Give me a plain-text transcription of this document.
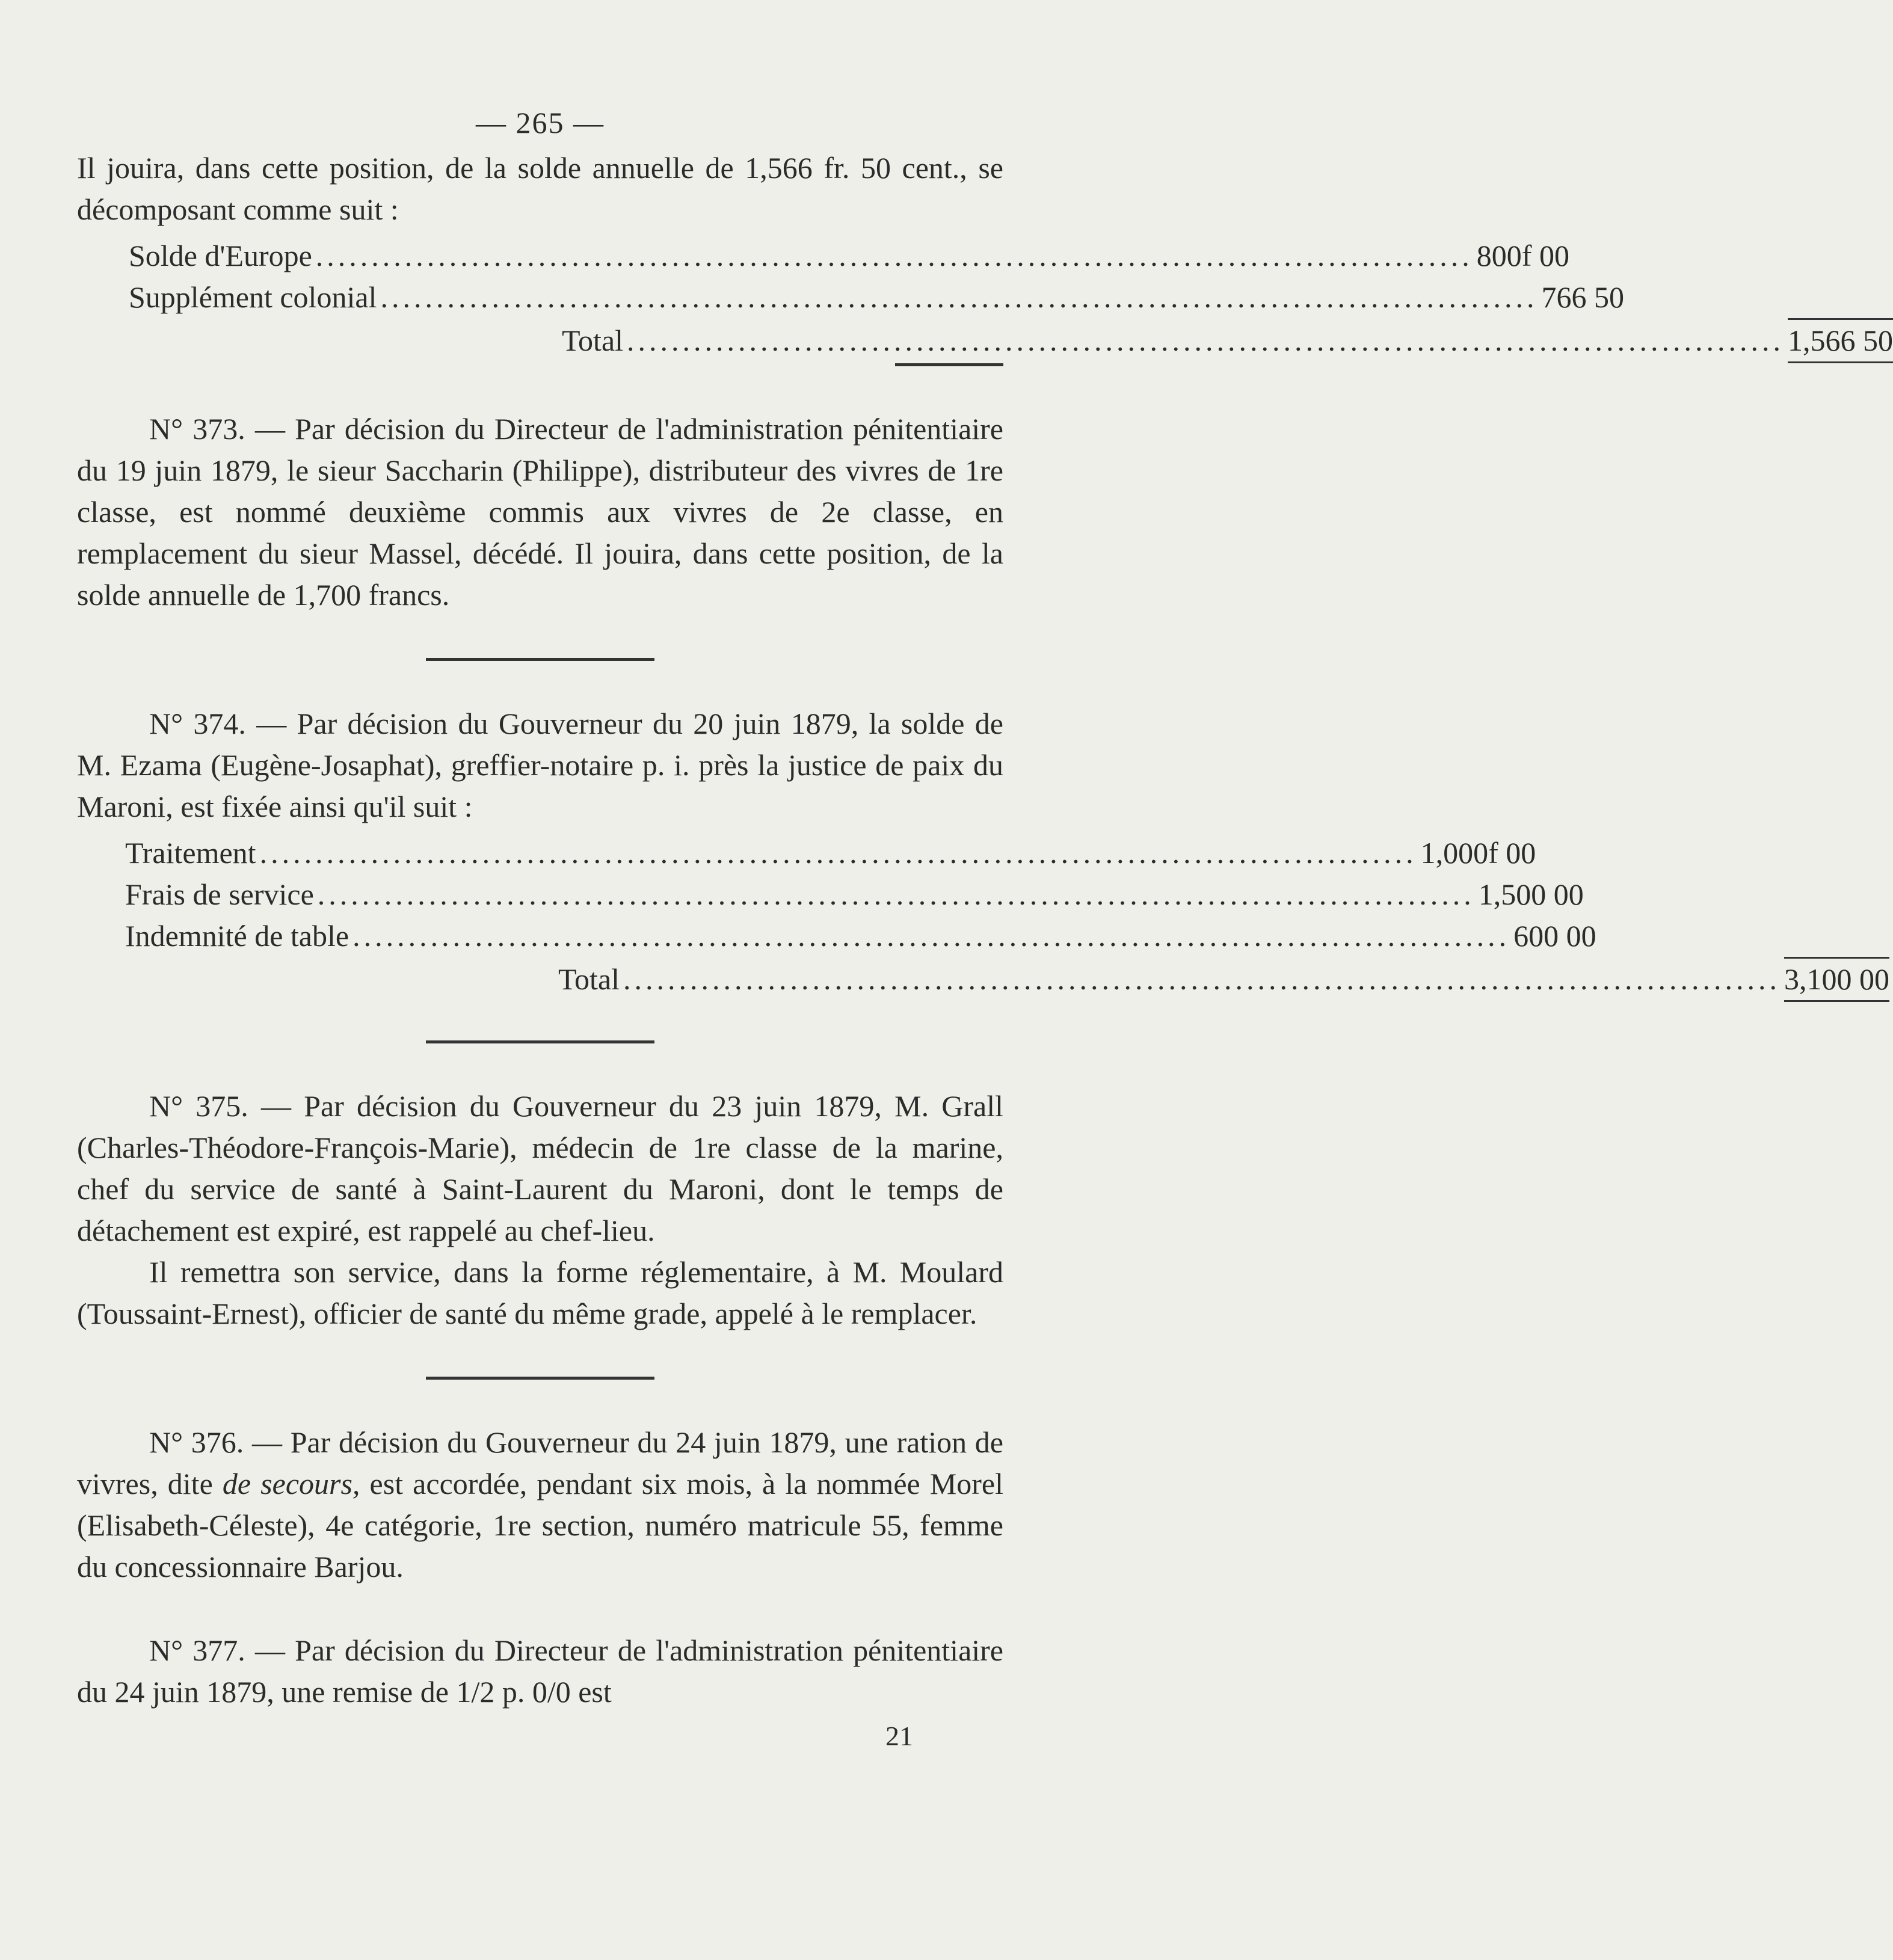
— 265 —

Il jouira, dans cette position, de la solde annuelle de 1,566 fr. 50 cent., se décomposant comme suit :

Solde d'Europe ........................................................................................................ 800f 00
Supplément colonial ........................................................................................................ 766 50
Total ........................................................................................................ 1,566 50

N° 373. — Par décision du Directeur de l'administration pénitentiaire du 19 juin 1879, le sieur Saccharin (Philippe), distributeur des vivres de 1re classe, est nommé deuxième commis aux vivres de 2e classe, en remplacement du sieur Massel, décédé. Il jouira, dans cette position, de la solde annuelle de 1,700 francs.

N° 374. — Par décision du Gouverneur du 20 juin 1879, la solde de M. Ezama (Eugène-Josaphat), greffier-notaire p. i. près la justice de paix du Maroni, est fixée ainsi qu'il suit :

Traitement ........................................................................................................ 1,000f 00
Frais de service ........................................................................................................ 1,500 00
Indemnité de table ........................................................................................................ 600 00
Total ........................................................................................................ 3,100 00

N° 375. — Par décision du Gouverneur du 23 juin 1879, M. Grall (Charles-Théodore-François-Marie), médecin de 1re classe de la marine, chef du service de santé à Saint-Laurent du Maroni, dont le temps de détachement est expiré, est rappelé au chef-lieu.

Il remettra son service, dans la forme réglementaire, à M. Moulard (Toussaint-Ernest), officier de santé du même grade, appelé à le remplacer.

N° 376. — Par décision du Gouverneur du 24 juin 1879, une ration de vivres, dite de secours, est accordée, pendant six mois, à la nommée Morel (Elisabeth-Céleste), 4e catégorie, 1re section, numéro matricule 55, femme du concessionnaire Barjou.

N° 377. — Par décision du Directeur de l'administration pénitentiaire du 24 juin 1879, une remise de 1/2 p. 0/0 est

21
